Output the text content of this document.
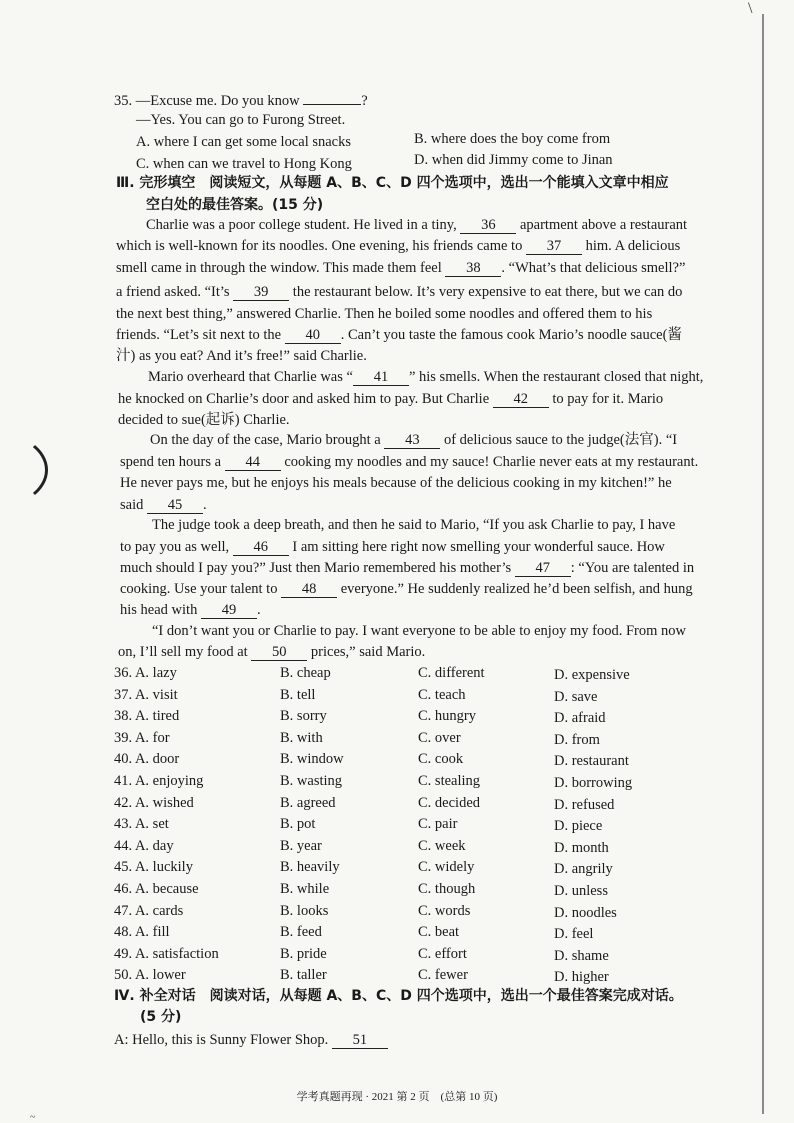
\
35. —Excuse me. Do you know	?
—Yes. You can go to Furong Street.
A. where I can get some local snacks	B. where does the boy come from
C. when can we travel to Hong Kong	D. when did Jimmy come to Jinan
Ⅲ. 完形填空　阅读短文，从每题 A、B、C、D 四个选项中，选出一个能填入文章中相应
空白处的最佳答案。(15 分)
Charlie was a poor college student. He lived in a tiny, 36 apartment above a restaurant
which is well-known for its noodles. One evening, his friends came to 37 him. A delicious
smell came in through the window. This made them feel 38 . “What’s that delicious smell?”
a friend asked. “It’s 39 the restaurant below. It’s very expensive to eat there, but we can do
the next best thing,” answered Charlie. Then he boiled some noodles and offered them to his
friends. “Let’s sit next to the 40 . Can’t you taste the famous cook Mario’s noodle sauce(酱
汁) as you eat? And it’s free!” said Charlie.
Mario overheard that Charlie was “ 41 ” his smells. When the restaurant closed that night,
he knocked on Charlie’s door and asked him to pay. But Charlie 42 to pay for it. Mario
decided to sue(起诉) Charlie.
On the day of the case, Mario brought a 43 of delicious sauce to the judge(法官). “I
spend ten hours a 44 cooking my noodles and my sauce! Charlie never eats at my restaurant.
He never pays me, but he enjoys his meals because of the delicious cooking in my kitchen!” he
said 45 .
The judge took a deep breath, and then he said to Mario, “If you ask Charlie to pay, I have
to pay you as well, 46 I am sitting here right now smelling your wonderful sauce. How
much should I pay you?” Just then Mario remembered his mother’s 47 : “You are talented in
cooking. Use your talent to 48 everyone.” He suddenly realized he’d been selfish, and hung
his head with 49 .
“I don’t want you or Charlie to pay. I want everyone to be able to enjoy my food. From now
on, I’ll sell my food at 50 prices,” said Mario.
36. A. lazy	B. cheap	C. different	D. expensive
37. A. visit	B. tell	C. teach	D. save
38. A. tired	B. sorry	C. hungry	D. afraid
39. A. for	B. with	C. over	D. from
40. A. door	B. window	C. cook	D. restaurant
41. A. enjoying	B. wasting	C. stealing	D. borrowing
42. A. wished	B. agreed	C. decided	D. refused
43. A. set	B. pot	C. pair	D. piece
44. A. day	B. year	C. week	D. month
45. A. luckily	B. heavily	C. widely	D. angrily
46. A. because	B. while	C. though	D. unless
47. A. cards	B. looks	C. words	D. noodles
48. A. fill	B. feed	C. beat	D. feel
49. A. satisfaction	B. pride	C. effort	D. shame
50. A. lower	B. taller	C. fewer	D. higher
Ⅳ. 补全对话　阅读对话，从每题 A、B、C、D 四个选项中，选出一个最佳答案完成对话。
(5 分)
A: Hello, this is Sunny Flower Shop. 51
学考真题再现 · 2021 第 2 页　(总第 10 页)
~
